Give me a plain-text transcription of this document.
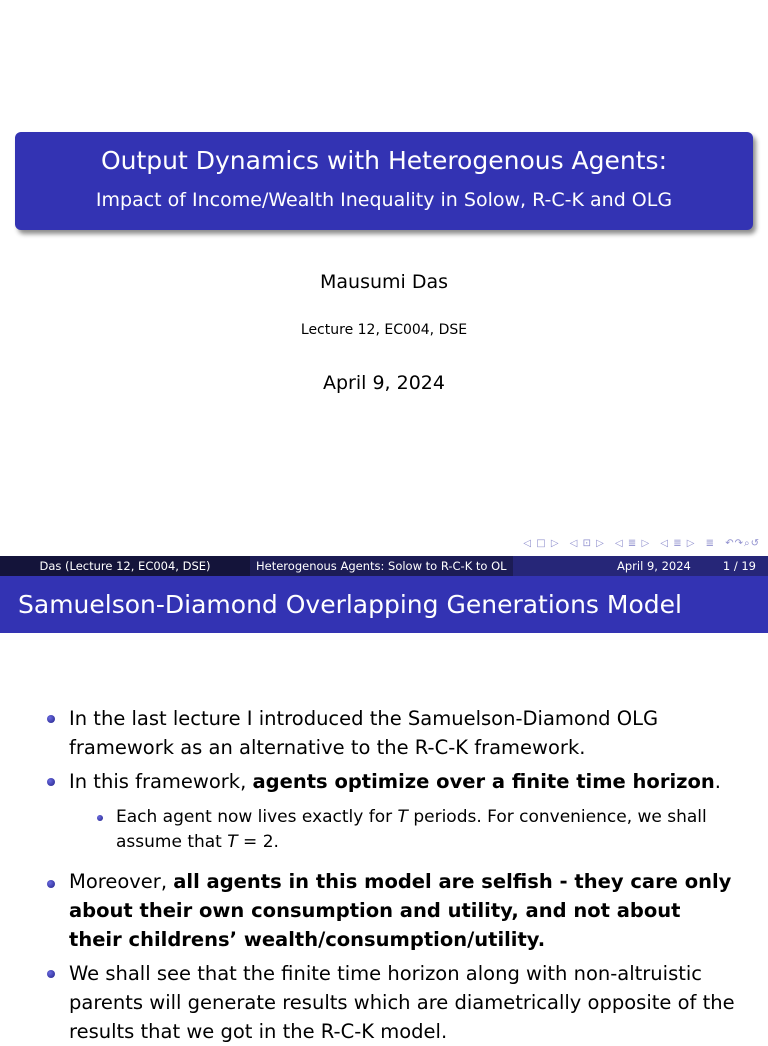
Output Dynamics with Heterogenous Agents:
Impact of Income/Wealth Inequality in Solow, R-C-K and OLG
Mausumi Das
Lecture 12, EC004, DSE
April 9, 2024
◁ □ ▷ ◁ ⊡ ▷ ◁ ≣ ▷ ◁ ≣ ▷ ≣ ↶↷⌕↺
Das (Lecture 12, EC004, DSE)	Heterogenous Agents: Solow to R-C-K to OL	April 9, 2024	1 / 19
Samuelson-Diamond Overlapping Generations Model
In the last lecture I introduced the Samuelson-Diamond OLG framework as an alternative to the R-C-K framework.
In this framework, agents optimize over a finite time horizon.
Each agent now lives exactly for T periods. For convenience, we shall assume that T = 2.
Moreover, all agents in this model are selfish - they care only about their own consumption and utility, and not about their childrens’ wealth/consumption/utility.
We shall see that the finite time horizon along with non-altruistic parents will generate results which are diametrically opposite of the results that we got in the R-C-K model.
